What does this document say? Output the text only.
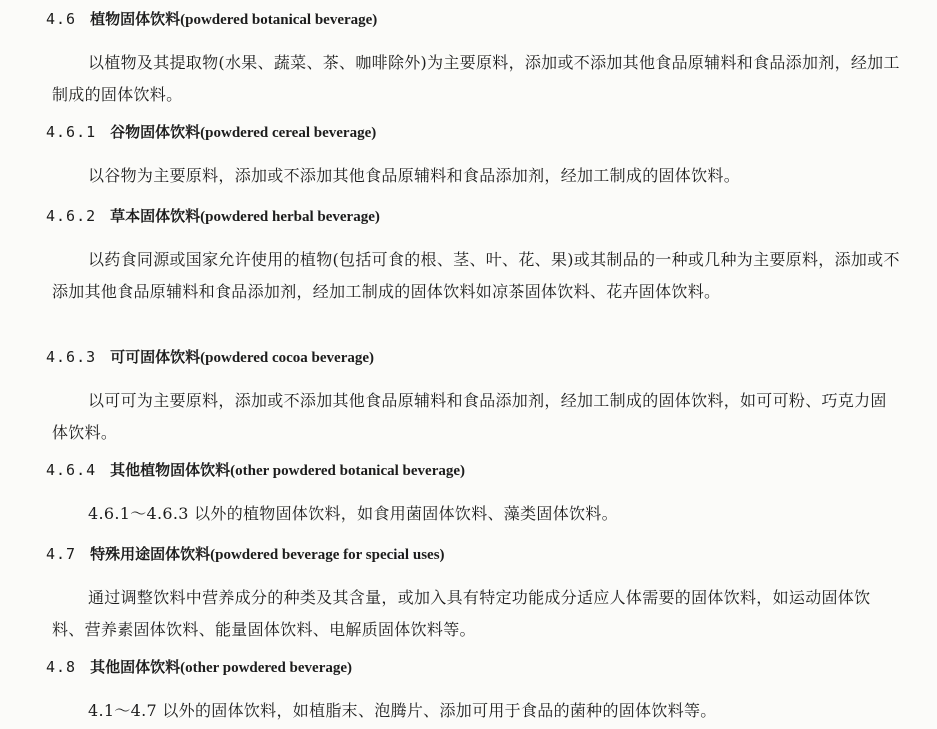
4.6 植物固体饮料(powdered botanical beverage)

以植物及其提取物(水果、蔬菜、茶、咖啡除外)为主要原料，添加或不添加其他食品原辅料和食品添加剂，经加工制成的固体饮料。

4.6.1 谷物固体饮料(powdered cereal beverage)

以谷物为主要原料，添加或不添加其他食品原辅料和食品添加剂，经加工制成的固体饮料。

4.6.2 草本固体饮料(powdered herbal beverage)

以药食同源或国家允许使用的植物(包括可食的根、茎、叶、花、果)或其制品的一种或几种为主要原料，添加或不添加其他食品原辅料和食品添加剂，经加工制成的固体饮料如凉茶固体饮料、花卉固体饮料。

4.6.3 可可固体饮料(powdered cocoa beverage)

以可可为主要原料，添加或不添加其他食品原辅料和食品添加剂，经加工制成的固体饮料，如可可粉、巧克力固体饮料。

4.6.4 其他植物固体饮料(other powdered botanical beverage)

4.6.1～4.6.3 以外的植物固体饮料，如食用菌固体饮料、藻类固体饮料。

4.7 特殊用途固体饮料(powdered beverage for special uses)

通过调整饮料中营养成分的种类及其含量，或加入具有特定功能成分适应人体需要的固体饮料，如运动固体饮料、营养素固体饮料、能量固体饮料、电解质固体饮料等。

4.8 其他固体饮料(other powdered beverage)

4.1～4.7 以外的固体饮料，如植脂末、泡腾片、添加可用于食品的菌种的固体饮料等。
